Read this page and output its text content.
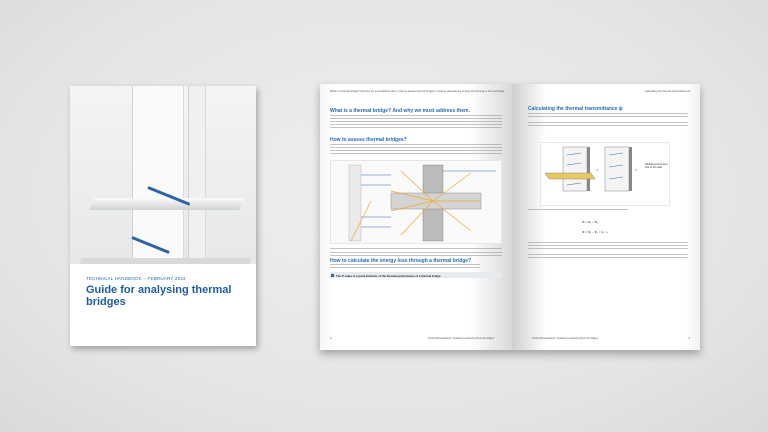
TECHNICAL HANDBOOK – FEBRUARY 2024
Guide for analysing thermal bridges
What is a thermal bridge? And why we must address them | How to assess thermal bridges? | How to calculate the energy loss through a thermal bridge
What is a thermal bridge? And why we must address them.
How to assess thermal bridges?
How to calculate the energy loss through a thermal bridge?
The Ψ value is a good indicator of the thermal performance of a thermal bridge
2	Technical handbook | Guide for analysing thermal bridges
Calculating the thermal transmittance ψ
Calculating the thermal transmittance ψ
=	=
Additional heat loss due to the slab
Φ = Φ₁ − Φ₂
Φ = Φ₁ − Φ₂ = ψ · L
Technical handbook | Guide for analysing thermal bridges	3
